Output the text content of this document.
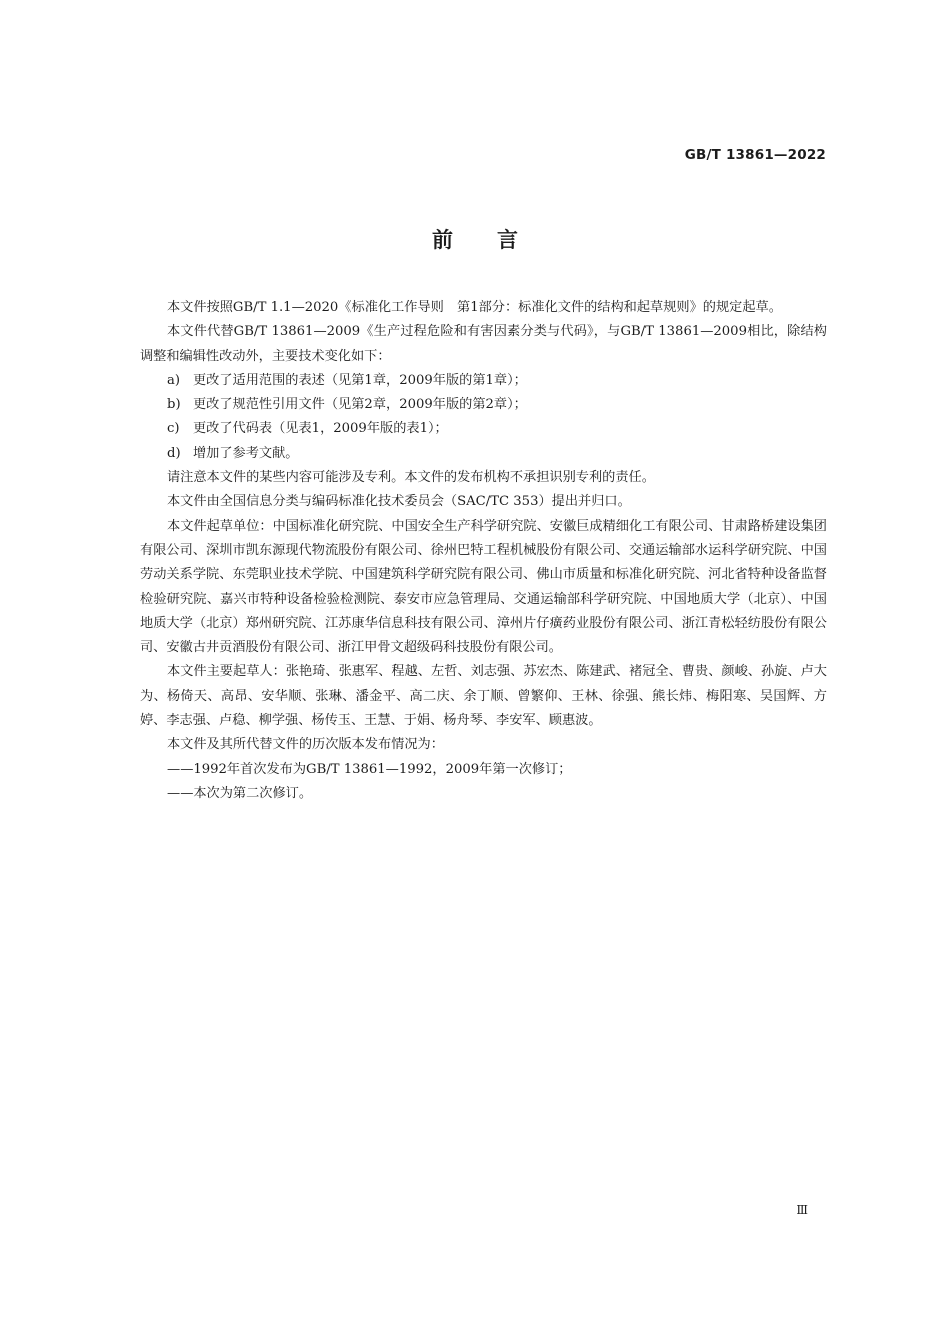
GB/T 13861—2022
前 言

本文件按照GB/T 1.1—2020《标准化工作导则　第1部分：标准化文件的结构和起草规则》的规定起草。

本文件代替GB/T 13861—2009《生产过程危险和有害因素分类与代码》，与GB/T 13861—2009相比，除结构调整和编辑性改动外，主要技术变化如下：

a) 更改了适用范围的表述（见第1章，2009年版的第1章）；

b) 更改了规范性引用文件（见第2章，2009年版的第2章）；

c) 更改了代码表（见表1，2009年版的表1）；

d) 增加了参考文献。

请注意本文件的某些内容可能涉及专利。本文件的发布机构不承担识别专利的责任。

本文件由全国信息分类与编码标准化技术委员会（SAC/TC 353）提出并归口。

本文件起草单位：中国标准化研究院、中国安全生产科学研究院、安徽巨成精细化工有限公司、甘肃路桥建设集团有限公司、深圳市凯东源现代物流股份有限公司、徐州巴特工程机械股份有限公司、交通运输部水运科学研究院、中国劳动关系学院、东莞职业技术学院、中国建筑科学研究院有限公司、佛山市质量和标准化研究院、河北省特种设备监督检验研究院、嘉兴市特种设备检验检测院、泰安市应急管理局、交通运输部科学研究院、中国地质大学（北京）、中国地质大学（北京）郑州研究院、江苏康华信息科技有限公司、漳州片仔癀药业股份有限公司、浙江青松轻纺股份有限公司、安徽古井贡酒股份有限公司、浙江甲骨文超级码科技股份有限公司。

本文件主要起草人：张艳琦、张惠军、程越、左哲、刘志强、苏宏杰、陈建武、褚冠全、曹贵、颜峻、孙旋、卢大为、杨倚天、高昂、安华顺、张琳、潘金平、高二庆、余丁顺、曾繁仰、王林、徐强、熊长炜、梅阳寒、吴国辉、方婷、李志强、卢稳、柳学强、杨传玉、王慧、于娟、杨舟琴、李安军、顾惠波。

本文件及其所代替文件的历次版本发布情况为：

——1992年首次发布为GB/T 13861—1992，2009年第一次修订；

——本次为第二次修订。

Ⅲ
